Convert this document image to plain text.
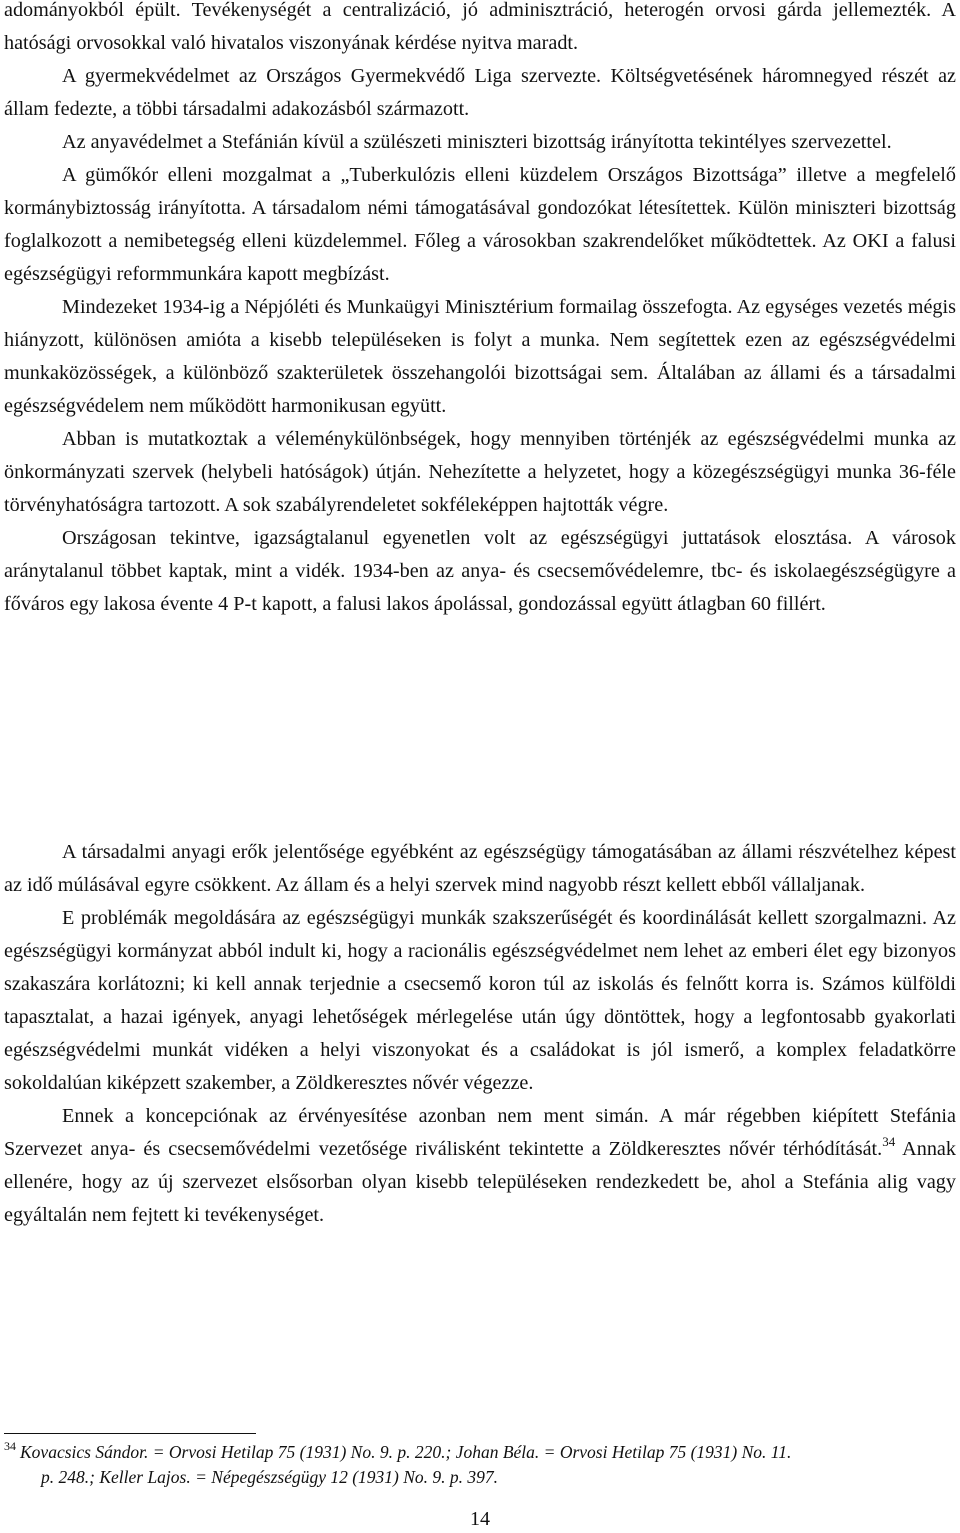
adományokból épült. Tevékenységét a centralizáció, jó adminisztráció, heterogén orvosi gárda jellemezték. A hatósági orvosokkal való hivatalos viszonyának kérdése nyitva maradt.

A gyermekvédelmet az Országos Gyermekvédő Liga szervezte. Költségvetésének háromnegyed részét az állam fedezte, a többi társadalmi adakozásból származott.

Az anyavédelmet a Stefánián kívül a szülészeti miniszteri bizottság irányította tekintélyes szervezettel.

A gümőkór elleni mozgalmat a „Tuberkulózis elleni küzdelem Országos Bizottsága” illetve a megfelelő kormánybiztosság irányította. A társadalom némi támogatásával gondozókat létesítettek. Külön miniszteri bizottság foglalkozott a nemibetegség elleni küzdelemmel. Főleg a városokban szakrendelőket működtettek. Az OKI a falusi egészségügyi reformmunkára kapott megbízást.

Mindezeket 1934-ig a Népjóléti és Munkaügyi Minisztérium formailag összefogta. Az egységes vezetés mégis hiányzott, különösen amióta a kisebb településeken is folyt a munka. Nem segítettek ezen az egészségvédelmi munkaközösségek, a különböző szakterületek összehangolói bizottságai sem. Általában az állami és a társadalmi egészségvédelem nem működött harmonikusan együtt.

Abban is mutatkoztak a véleménykülönbségek, hogy mennyiben történjék az egészségvédelmi munka az önkormányzati szervek (helybeli hatóságok) útján. Nehezítette a helyzetet, hogy a közegészségügyi munka 36-féle törvényhatóságra tartozott. A sok szabályrendeletet sokféleképpen hajtották végre.

Országosan tekintve, igazságtalanul egyenetlen volt az egészségügyi juttatások elosztása. A városok aránytalanul többet kaptak, mint a vidék. 1934-ben az anya- és csecsemővédelemre, tbc- és iskolaegészségügyre a főváros egy lakosa évente 4 P-t kapott, a falusi lakos ápolással, gondozással együtt átlagban 60 fillért.

A társadalmi anyagi erők jelentősége egyébként az egészségügy támogatásában az állami részvételhez képest az idő múlásával egyre csökkent. Az állam és a helyi szervek mind nagyobb részt kellett ebből vállaljanak.

E problémák megoldására az egészségügyi munkák szakszerűségét és koordinálását kellett szorgalmazni. Az egészségügyi kormányzat abból indult ki, hogy a racionális egészségvédelmet nem lehet az emberi élet egy bizonyos szakaszára korlátozni; ki kell annak terjednie a csecsemő koron túl az iskolás és felnőtt korra is. Számos külföldi tapasztalat, a hazai igények, anyagi lehetőségek mérlegelése után úgy döntöttek, hogy a legfontosabb gyakorlati egészségvédelmi munkát vidéken a helyi viszonyokat és a családokat is jól ismerő, a komplex feladatkörre sokoldalúan kiképzett szakember, a Zöldkeresztes nővér végezze.

Ennek a koncepciónak az érvényesítése azonban nem ment simán. A már régebben kiépített Stefánia Szervezet anya- és csecsemővédelmi vezetősége riválisként tekintette a Zöldkeresztes nővér térhódítását.$^{34}$ Annak ellenére, hogy az új szervezet elsősorban olyan kisebb településeken rendezkedett be, ahol a Stefánia alig vagy egyáltalán nem fejtett ki tevékenységet.

$^{34}$ Kovacsics Sándor. = Orvosi Hetilap 75 (1931) No. 9. p. 220.; Johan Béla. = Orvosi Hetilap 75 (1931) No. 11.
p. 248.; Keller Lajos. = Népegészségügy 12 (1931) No. 9. p. 397.
14
